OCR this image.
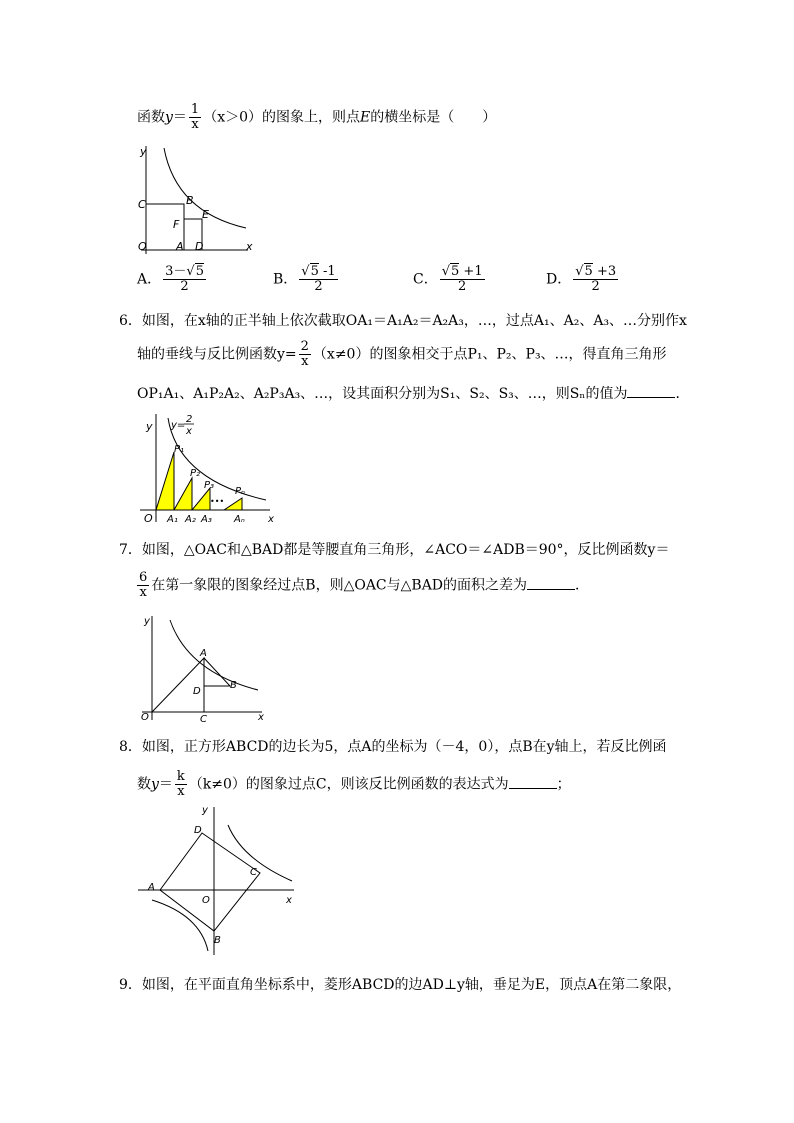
函数$y= \frac{1}{x} (x>0)$的图象上，则点E的横坐标是（　　）
y
C	B
E
F
O	A D	x
A． $\frac{3-√5}{2}$	B． $\frac{√5 -1}{2}$	C． $\frac{√5 +1}{2}$	D． $\frac{√5 +3}{2}$
6．如图，在x轴的正半轴上依次截取OA₁＝A₁A₂＝A₂A₃，…，过点A₁、A₂、A₃、…分别作x
轴的垂线与反比例函数$y= \frac{2}{x} (x\ne 0)$的图象相交于点P₁、P₂、P₃、…，得直角三角形
OP₁A₁、A₁P₂A₂、A₂P₃A₃、…，设其面积分别为S₁、S₂、S₃、…，则Sₙ的值为	．
y y=
2
x
P₁
P₂
P₃
Pₙ
•••
O A₁ A₂ A₃ Aₙ x
7．如图，△OAC和△BAD都是等腰直角三角形，∠ACO＝∠ADB＝90°，反比例函数y＝
$\frac{6}{x}$ 在第一象限的图象经过点B，则△OAC与△BAD的面积之差为	．
y
A
D
B
O	C	x
8．如图，正方形ABCD的边长为5，点A的坐标为（－4，0），点B在y轴上，若反比例函
数$y= \frac{k}{x} (k\ne 0)$的图象过点C，则该反比例函数的表达式为	；
y
D
C
A
O	x
B
9．如图，在平面直角坐标系中，菱形ABCD的边AD⊥y轴，垂足为E，顶点A在第二象限，
